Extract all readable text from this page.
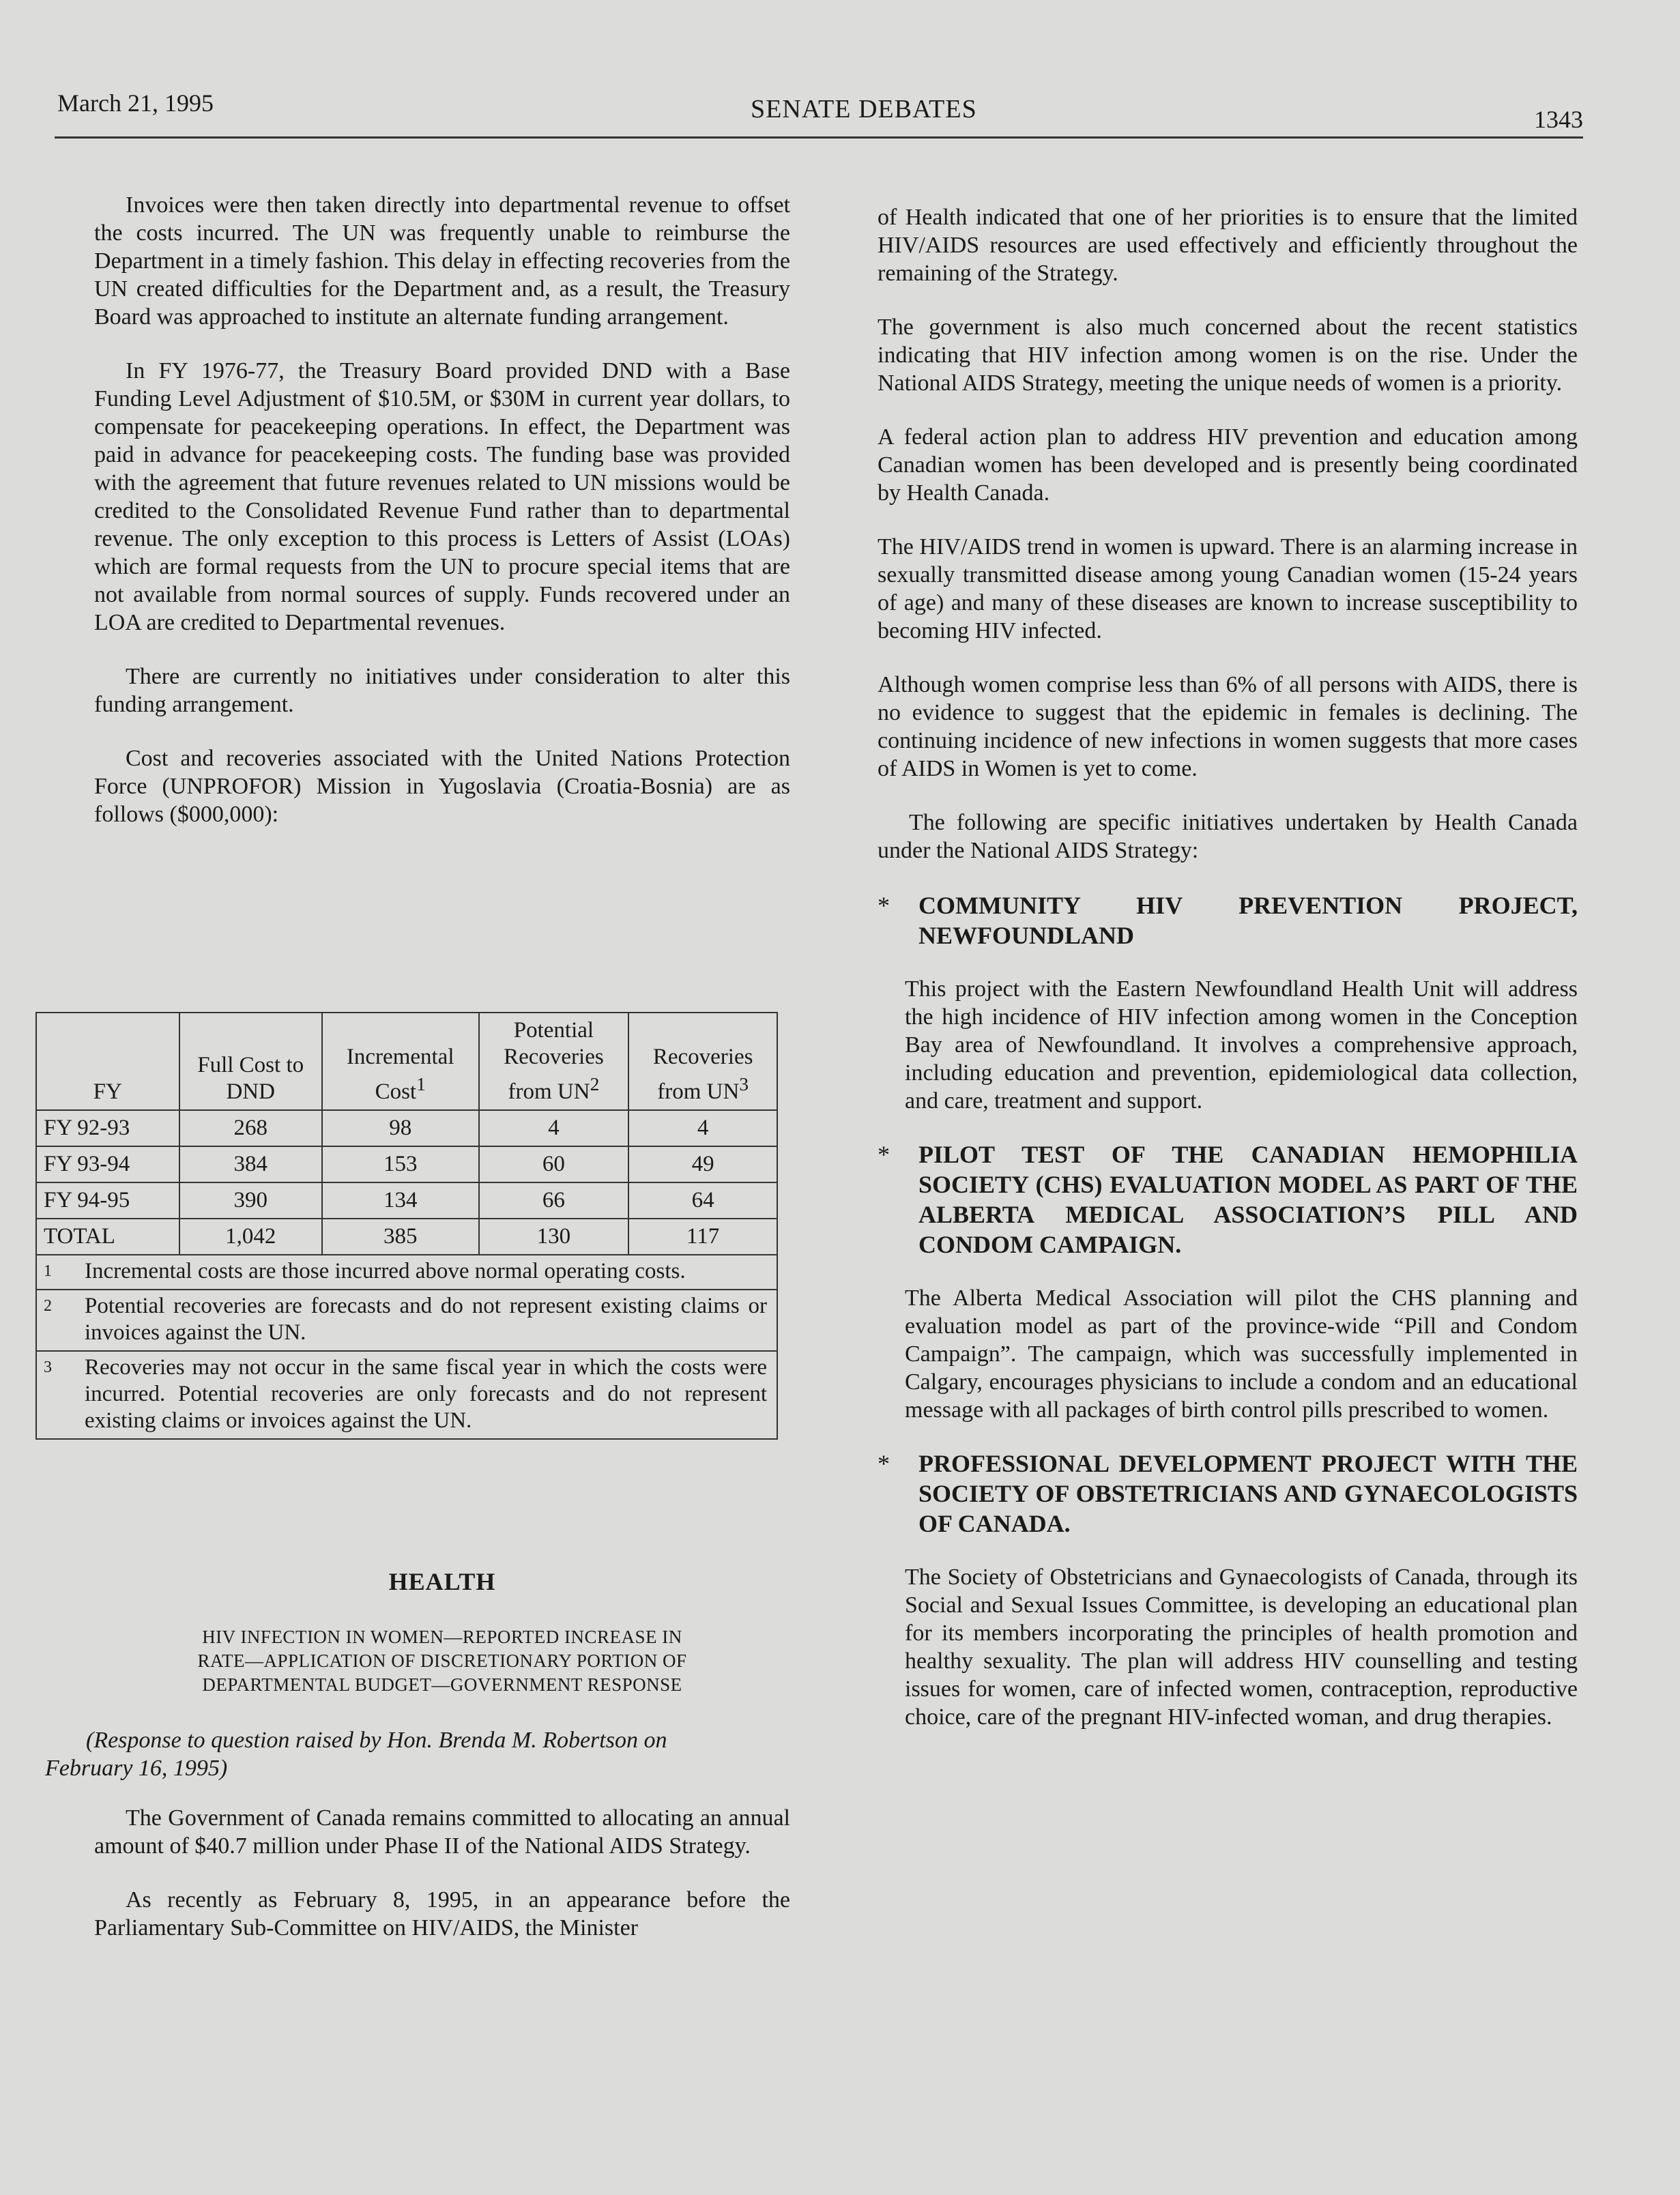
March 21, 1995	SENATE DEBATES	1343

Invoices were then taken directly into departmental revenue to offset the costs incurred. The UN was frequently unable to reimburse the Department in a timely fashion. This delay in effecting recoveries from the UN created difficulties for the Department and, as a result, the Treasury Board was approached to institute an alternate funding arrangement.

In FY 1976-77, the Treasury Board provided DND with a Base Funding Level Adjustment of $10.5M, or $30M in current year dollars, to compensate for peacekeeping operations. In effect, the Department was paid in advance for peacekeeping costs. The funding base was provided with the agreement that future revenues related to UN missions would be credited to the Consolidated Revenue Fund rather than to departmental revenue. The only exception to this process is Letters of Assist (LOAs) which are formal requests from the UN to procure special items that are not available from normal sources of supply. Funds recovered under an LOA are credited to Departmental revenues.

There are currently no initiatives under consideration to alter this funding arrangement.

Cost and recoveries associated with the United Nations Protection Force (UNPROFOR) Mission in Yugoslavia (Croatia-Bosnia) are as follows ($000,000):

FY	Full Cost to DND	Incremental Cost$^1$	Potential Recoveries from $UN^2$	Recoveries from $UN^3$
FY 92-93	268	98	4	4
FY 93-94	384	153	60	49
FY 94-95	390	134	66	64
TOTAL	1,042	385	130	117
1 Incremental costs are those incurred above normal operating costs.				
2 Potential recoveries are forecasts and do not represent existing claims or invoices against the UN.				
3 Recoveries may not occur in the same fiscal year in which the costs were incurred. Potential recoveries are only forecasts and do not represent existing claims or invoices against the UN.				
HEALTH
HIV INFECTION IN WOMEN—REPORTED INCREASE IN
RATE—APPLICATION OF DISCRETIONARY PORTION OF
DEPARTMENTAL BUDGET—GOVERNMENT RESPONSE
(Response to question raised by Hon. Brenda M. Robertson on
February 16, 1995)

The Government of Canada remains committed to allocating an annual amount of $40.7 million under Phase II of the National AIDS Strategy.

As recently as February 8, 1995, in an appearance before the Parliamentary Sub-Committee on HIV/AIDS, the Minister

of Health indicated that one of her priorities is to ensure that the limited HIV/AIDS resources are used effectively and efficiently throughout the remaining of the Strategy.

The government is also much concerned about the recent statistics indicating that HIV infection among women is on the rise. Under the National AIDS Strategy, meeting the unique needs of women is a priority.

A federal action plan to address HIV prevention and education among Canadian women has been developed and is presently being coordinated by Health Canada.

The HIV/AIDS trend in women is upward. There is an alarming increase in sexually transmitted disease among young Canadian women (15-24 years of age) and many of these diseases are known to increase susceptibility to becoming HIV infected.

Although women comprise less than 6% of all persons with AIDS, there is no evidence to suggest that the epidemic in females is declining. The continuing incidence of new infections in women suggests that more cases of AIDS in Women is yet to come.

The following are specific initiatives undertaken by Health Canada under the National AIDS Strategy:

* COMMUNITY HIV PREVENTION PROJECT, NEWFOUNDLAND

This project with the Eastern Newfoundland Health Unit will address the high incidence of HIV infection among women in the Conception Bay area of Newfoundland. It involves a comprehensive approach, including education and prevention, epidemiological data collection, and care, treatment and support.

* PILOT TEST OF THE CANADIAN HEMOPHILIA SOCIETY (CHS) EVALUATION MODEL AS PART OF THE ALBERTA MEDICAL ASSOCIATION’S PILL AND CONDOM CAMPAIGN.

The Alberta Medical Association will pilot the CHS planning and evaluation model as part of the province-wide “Pill and Condom Campaign”. The campaign, which was successfully implemented in Calgary, encourages physicians to include a condom and an educational message with all packages of birth control pills prescribed to women.

* PROFESSIONAL DEVELOPMENT PROJECT WITH THE SOCIETY OF OBSTETRICIANS AND GYNAECOLOGISTS OF CANADA.

The Society of Obstetricians and Gynaecologists of Canada, through its Social and Sexual Issues Committee, is developing an educational plan for its members incorporating the principles of health promotion and healthy sexuality. The plan will address HIV counselling and testing issues for women, care of infected women, contraception, reproductive choice, care of the pregnant HIV-infected woman, and drug therapies.
